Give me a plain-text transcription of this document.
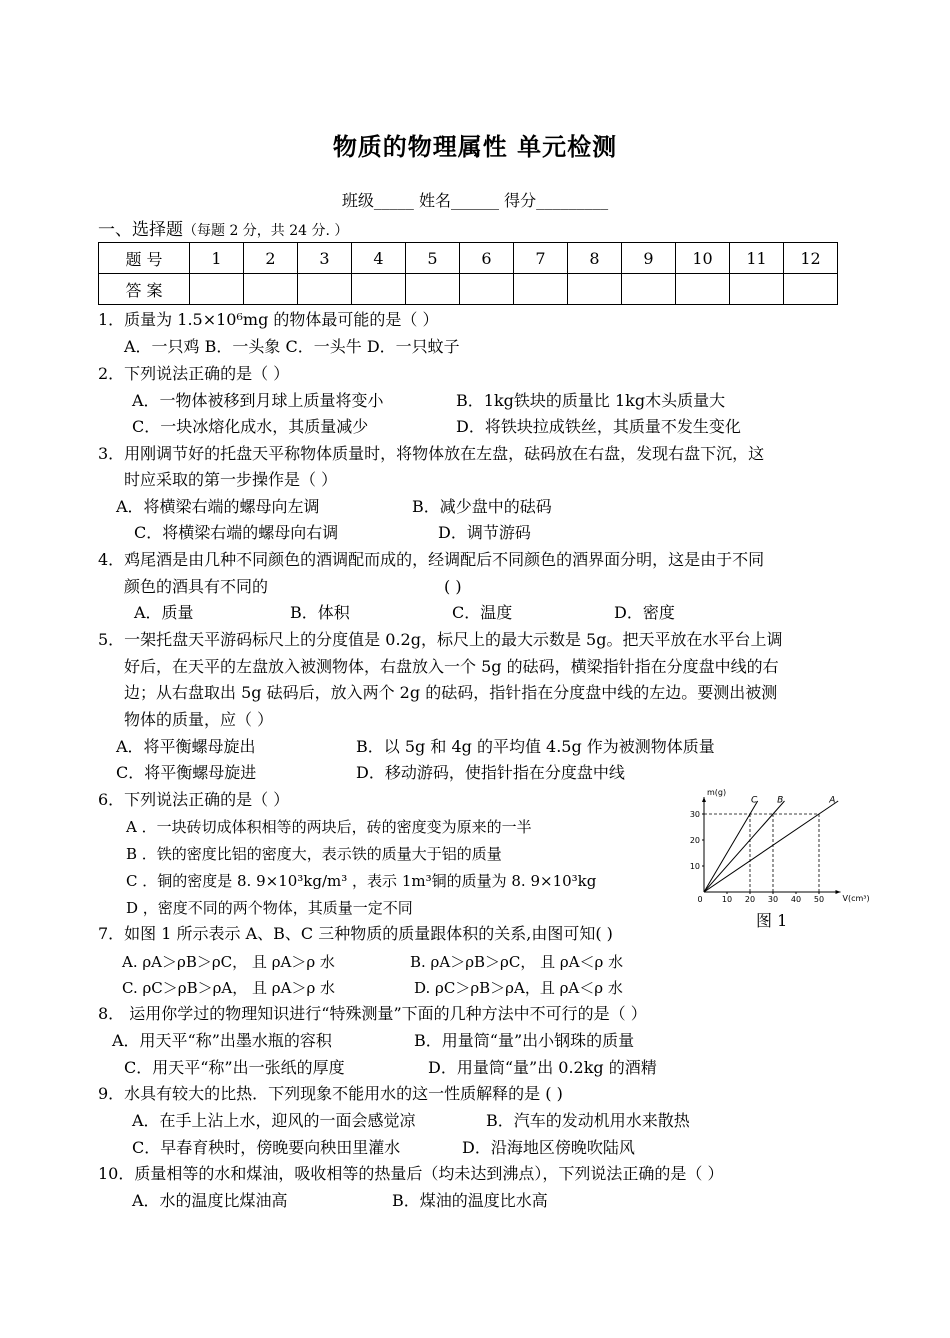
物质的物理属性 单元检测
班级_____ 姓名______ 得分_________
一、选择题（每题 2 分，共 24 分. ）
题 号	1	2	3	4	5	6	7	8	9	10	11	12
答 案												
1．质量为 1.5×10⁶mg 的物体最可能的是（ ）
A．一只鸡 B．一头象 C．一头牛 D．一只蚊子
2．下列说法正确的是（ ）
A．一物体被移到月球上质量将变小	B．1kg铁块的质量比 1kg木头质量大
C．一块冰熔化成水，其质量减少	D．将铁块拉成铁丝，其质量不发生变化
3．用刚调节好的托盘天平称物体质量时，将物体放在左盘，砝码放在右盘，发现右盘下沉，这
时应采取的第一步操作是（ ）
A．将横梁右端的螺母向左调	B．减少盘中的砝码
C．将横梁右端的螺母向右调	D．调节游码
4．鸡尾酒是由几种不同颜色的酒调配而成的，经调配后不同颜色的酒界面分明，这是由于不同
颜色的酒具有不同的	( )
A．质量	B．体积	C．温度	D．密度
5．一架托盘天平游码标尺上的分度值是 0.2g，标尺上的最大示数是 5g。把天平放在水平台上调
好后，在天平的左盘放入被测物体，右盘放入一个 5g 的砝码，横梁指针指在分度盘中线的右
边；从右盘取出 5g 砝码后，放入两个 2g 的砝码，指针指在分度盘中线的左边。要测出被测
物体的质量，应（ ）
A．将平衡螺母旋出	B．以 5g 和 4g 的平均值 4.5g 作为被测物体质量
C．将平衡螺母旋进	D．移动游码，使指针指在分度盘中线
6．下列说法正确的是（ ）
A ．一块砖切成体积相等的两块后，砖的密度变为原来的一半
B ．铁的密度比铝的密度大，表示铁的质量大于铝的质量
C ．铜的密度是 8. 9×10³kg/m³ ，表示 1m³铜的质量为 8. 9×10³kg
D ，密度不同的两个物体，其质量一定不同
30
20
10
0 10 20 30 40 50
C B	A
m(g)
V(cm³)
图 1
7．如图 1 所示表示 A、B、C 三种物质的质量跟体积的关系,由图可知( )
A. ρA＞ρB＞ρC， 且 ρA＞ρ 水	B. ρA＞ρB＞ρC， 且 ρA＜ρ 水
C. ρC＞ρB＞ρA， 且 ρA＞ρ 水	D. ρC＞ρB＞ρA，且 ρA＜ρ 水
8． 运用你学过的物理知识进行“特殊测量”下面的几种方法中不可行的是（ ）
A．用天平“称”出墨水瓶的容积	B．用量筒“量”出小钢珠的质量
C．用天平“称”出一张纸的厚度	D．用量筒“量”出 0.2kg 的酒精
9．水具有较大的比热．下列现象不能用水的这一性质解释的是 ( )
A．在手上沾上水，迎风的一面会感觉凉	B．汽车的发动机用水来散热
C．早春育秧时，傍晚要向秧田里灌水	D．沿海地区傍晚吹陆风
10．质量相等的水和煤油，吸收相等的热量后（均未达到沸点），下列说法正确的是（ ）
A．水的温度比煤油高	B．煤油的温度比水高
